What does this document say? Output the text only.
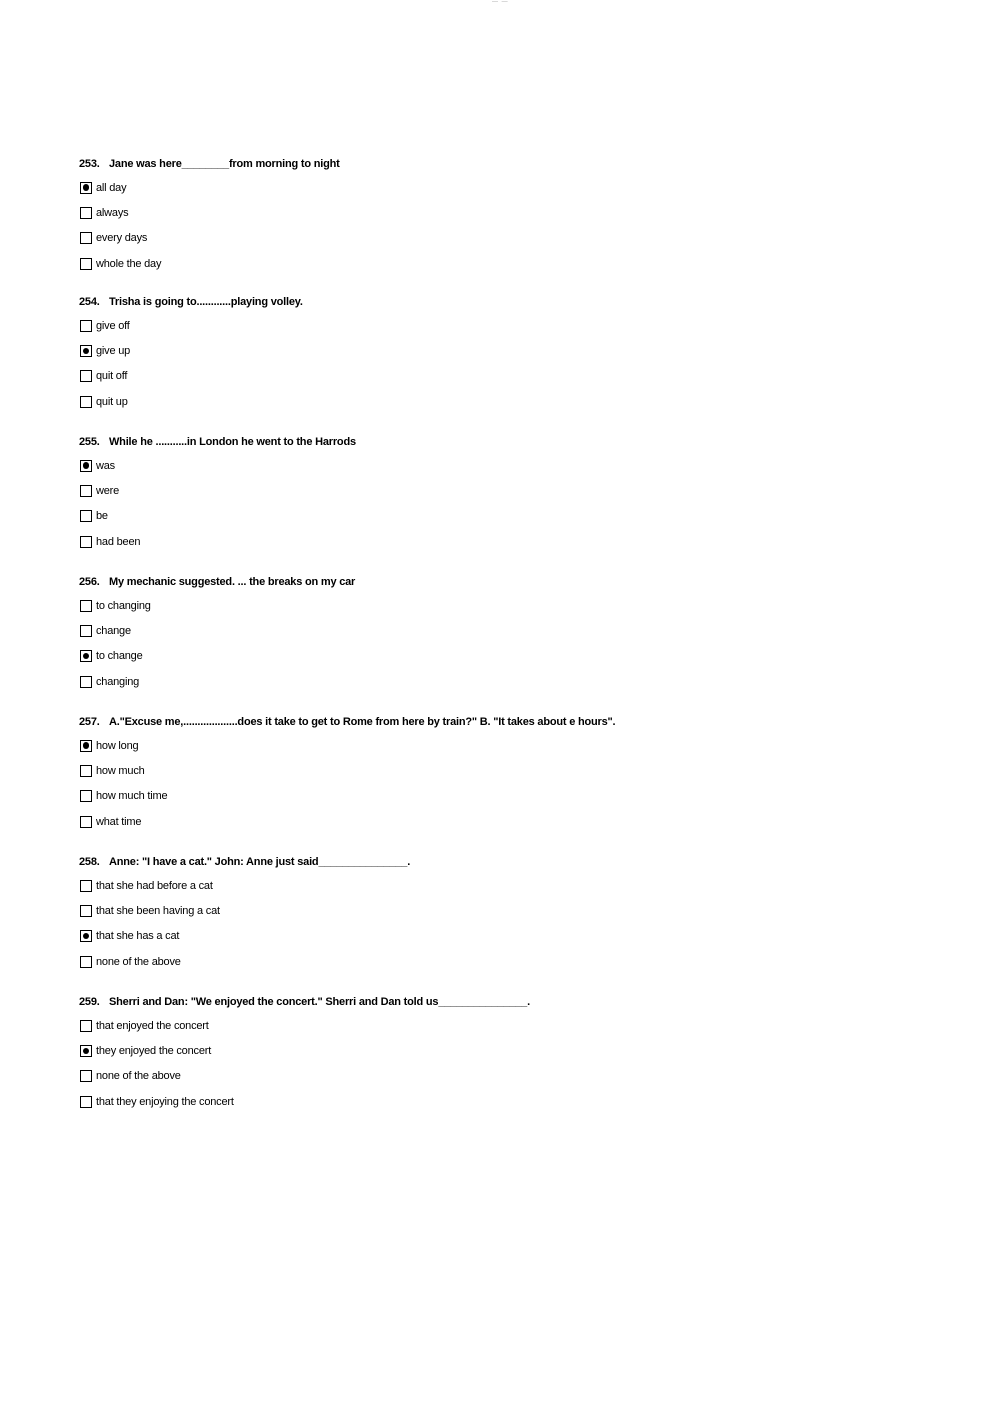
— —
253. Jane was here________from morning to night
all day
always
every days
whole the day
254. Trisha is going to............playing volley.
give off
give up
quit off
quit up
255. While he ...........in London he went to the Harrods
was
were
be
had been
256. My mechanic suggested. ... the breaks on my car
to changing
change
to change
changing
257. A."Excuse me,...................does it take to get to Rome from here by train?" B. "It takes about e hours".
how long
how much
how much time
what time
258. Anne: "I have a cat." John: Anne just said_______________.
that she had before a cat
that she been having a cat
that she has a cat
none of the above
259. Sherri and Dan: "We enjoyed the concert." Sherri and Dan told us_______________.
that enjoyed the concert
they enjoyed the concert
none of the above
that they enjoying the concert
